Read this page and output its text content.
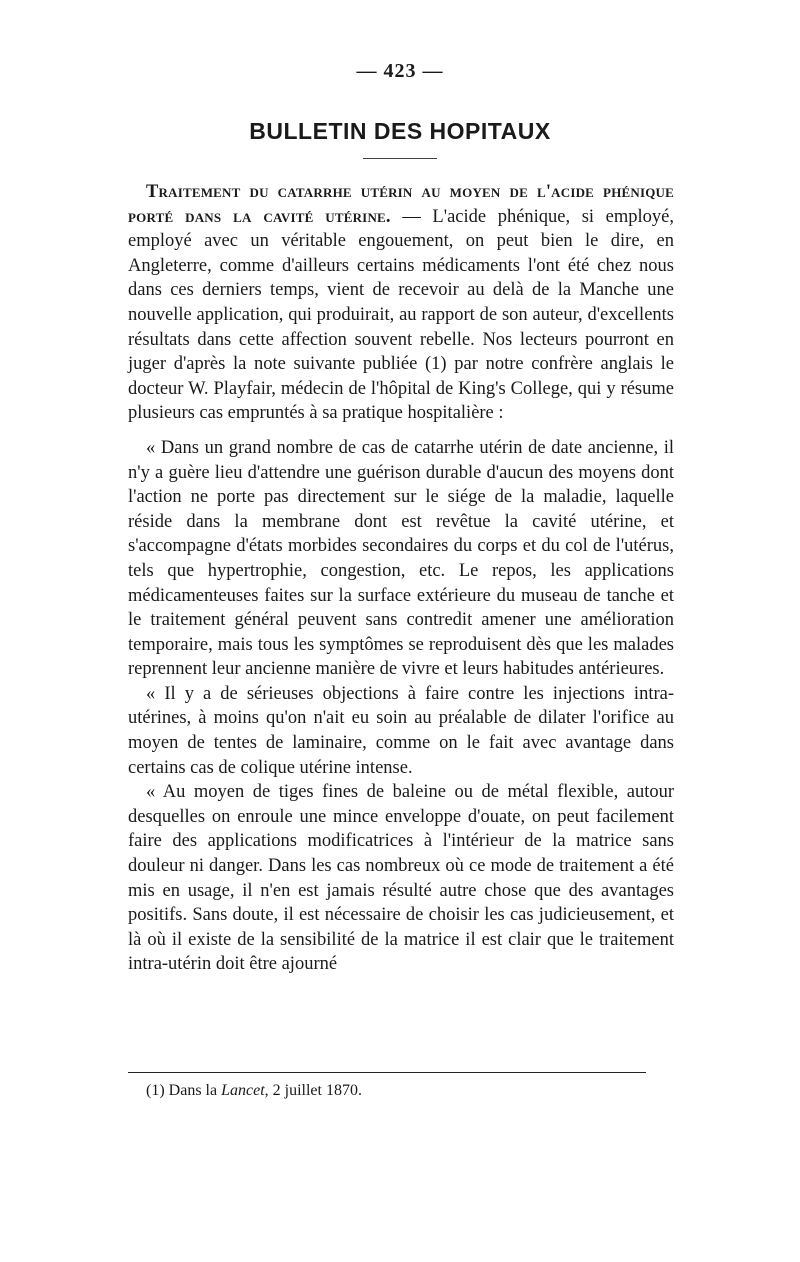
— 423 —
BULLETIN DES HOPITAUX

Traitement du catarrhe utérin au moyen de l'acide phénique porté dans la cavité utérine. — L'acide phénique, si employé, employé avec un véritable engouement, on peut bien le dire, en Angleterre, comme d'ailleurs certains médicaments l'ont été chez nous dans ces derniers temps, vient de recevoir au delà de la Manche une nouvelle application, qui produirait, au rapport de son auteur, d'excellents résultats dans cette affection souvent rebelle. Nos lecteurs pourront en juger d'après la note suivante publiée (1) par notre confrère anglais le docteur W. Playfair, médecin de l'hôpital de King's College, qui y résume plusieurs cas empruntés à sa pratique hospitalière :

« Dans un grand nombre de cas de catarrhe utérin de date ancienne, il n'y a guère lieu d'attendre une guérison durable d'aucun des moyens dont l'action ne porte pas directement sur le siége de la maladie, laquelle réside dans la membrane dont est revêtue la cavité utérine, et s'accompagne d'états morbides secondaires du corps et du col de l'utérus, tels que hypertrophie, congestion, etc. Le repos, les applications médicamenteuses faites sur la surface extérieure du museau de tanche et le traitement général peuvent sans contredit amener une amélioration temporaire, mais tous les symptômes se reproduisent dès que les malades reprennent leur ancienne manière de vivre et leurs habitudes antérieures.

« Il y a de sérieuses objections à faire contre les injections intra-utérines, à moins qu'on n'ait eu soin au préalable de dilater l'orifice au moyen de tentes de laminaire, comme on le fait avec avantage dans certains cas de colique utérine intense.

« Au moyen de tiges fines de baleine ou de métal flexible, autour desquelles on enroule une mince enveloppe d'ouate, on peut facilement faire des applications modificatrices à l'intérieur de la matrice sans douleur ni danger. Dans les cas nombreux où ce mode de traitement a été mis en usage, il n'en est jamais résulté autre chose que des avantages positifs. Sans doute, il est nécessaire de choisir les cas judicieusement, et là où il existe de la sensibilité de la matrice il est clair que le traitement intra-utérin doit être ajourné

(1) Dans la Lancet, 2 juillet 1870.
